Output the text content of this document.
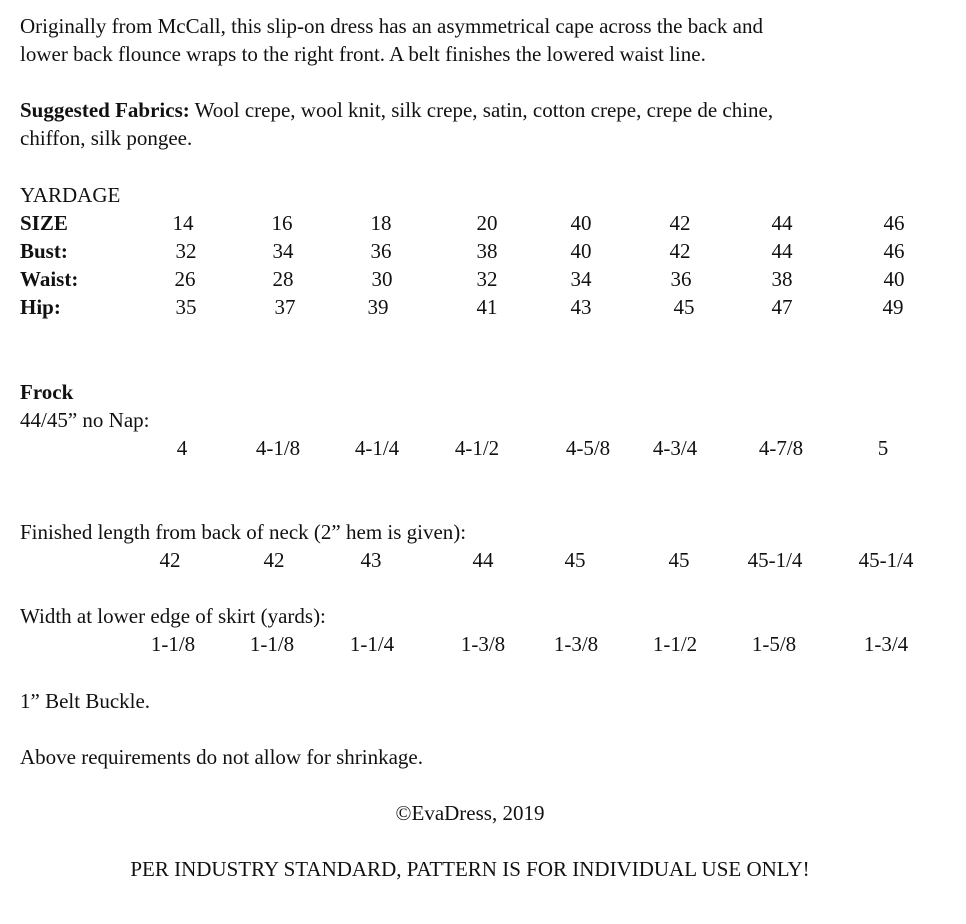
Originally from McCall, this slip-on dress has an asymmetrical cape across the back and
lower back flounce wraps to the right front. A belt finishes the lowered waist line.
Suggested Fabrics: Wool crepe, wool knit, silk crepe, satin, cotton crepe, crepe de chine,
chiffon, silk pongee.
YARDAGE
SIZE	14	16	18	20	40	42	44	46
Bust:	32	34	36	38	40	42	44	46
Waist:	26	28	30	32	34	36	38	40
Hip:	35	37	39	41	43	45	47	49
Frock
44/45” no Nap:
4	4-1/8	4-1/4	4-1/2	4-5/8	4-3/4	4-7/8	5
Finished length from back of neck (2” hem is given):
42	42	43	44	45	45	45-1/4	45-1/4
Width at lower edge of skirt (yards):
1-1/8	1-1/8	1-1/4	1-3/8	1-3/8	1-1/2	1-5/8	1-3/4
1” Belt Buckle.
Above requirements do not allow for shrinkage.
©EvaDress, 2019
PER INDUSTRY STANDARD, PATTERN IS FOR INDIVIDUAL USE ONLY!
